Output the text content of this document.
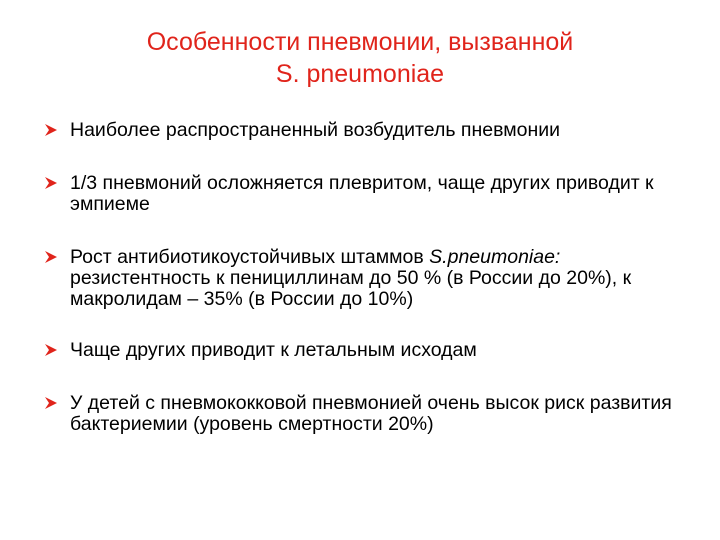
Особенности пневмонии, вызванной
S. pneumoniae
Наиболее распространенный возбудитель пневмонии
1/3 пневмоний осложняется плевритом, чаще других приводит к эмпиеме
Рост антибиотикоустойчивых штаммов S.pneumoniae: резистентность к пенициллинам до 50 % (в России до 20%), к макролидам – 35% (в России до 10%)
Чаще других приводит к летальным исходам
У детей с пневмококковой пневмонией очень высок риск развития бактериемии (уровень смертности 20%)
